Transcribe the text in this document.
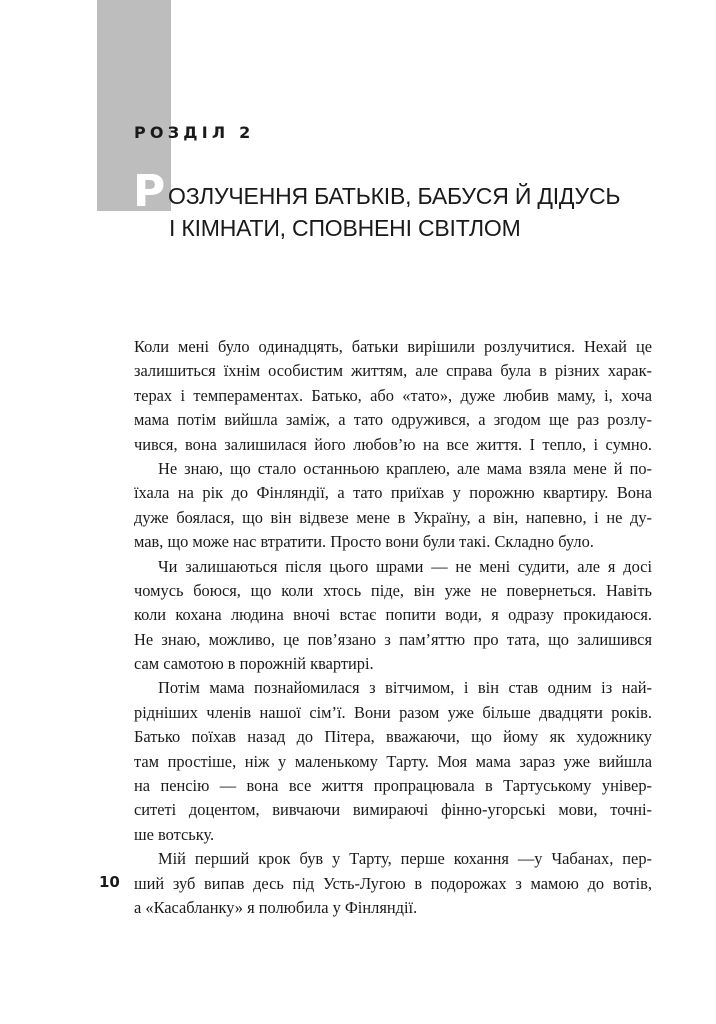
РОЗДІЛ 2
Р ОЗЛУЧЕННЯ БАТЬКІВ, БАБУСЯ Й ДІДУСЬ
І КІМНАТИ, СПОВНЕНІ СВІТЛОМ
Коли мені було одинадцять, батьки вирішили розлучитися. Нехай це
залишиться їхнім особистим життям, але справа була в різних харак-
терах і темпераментах. Батько, або «тато», дуже любив маму, і, хоча
мама потім вийшла заміж, а тато одружився, а згодом ще раз розлу-
чився, вона залишилася його любов’ю на все життя. І тепло, і сумно.
Не знаю, що стало останньою краплею, але мама взяла мене й по-
їхала на рік до Фінляндії, а тато приїхав у порожню квартиру. Вона
дуже боялася, що він відвезе мене в Україну, а він, напевно, і не ду-
мав, що може нас втратити. Просто вони були такі. Складно було.
Чи залишаються після цього шрами — не мені судити, але я досі
чомусь боюся, що коли хтось піде, він уже не повернеться. Навіть
коли кохана людина вночі встає попити води, я одразу прокидаюся.
Не знаю, можливо, це пов’язано з пам’яттю про тата, що залишився
сам самотою в порожній квартирі.
Потім мама познайомилася з вітчимом, і він став одним із най-
рідніших членів нашої сім’ї. Вони разом уже більше двадцяти років.
Батько поїхав назад до Пітера, вважаючи, що йому як художнику
там простіше, ніж у маленькому Тарту. Моя мама зараз уже вийшла
на пенсію — вона все життя пропрацювала в Тартуському універ-
ситеті доцентом, вивчаючи вимираючі фінно-угорські мови, точні-
ше вотську.
Мій перший крок був у Тарту, перше кохання —у Чабанах, пер-
ший зуб випав десь під Усть-Лугою в подорожах з мамою до вотів,
а «Касабланку» я полюбила у Фінляндії.
10
